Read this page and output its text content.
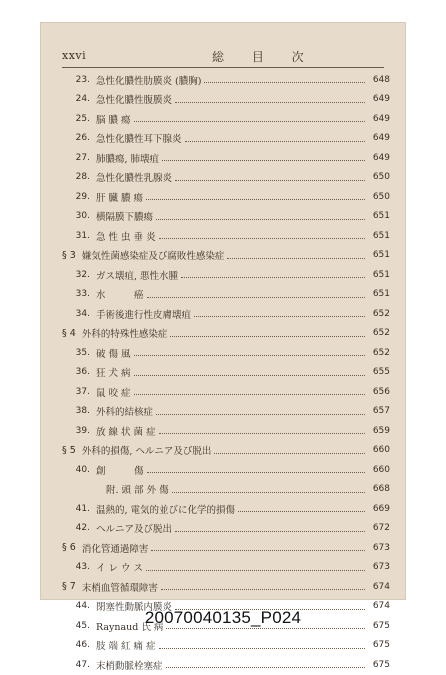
xxvi	総 目 次
23. 急性化膿性肋膜炎 (膿胸)	648
24. 急性化膿性腹膜炎	649
25. 脳 膿 瘍	649
26. 急性化膿性耳下腺炎	649
27. 肺膿瘍, 肺壊疽	649
28. 急性化膿性乳腺炎	650
29. 肝 臓 膿 瘍	650
30. 横隔膜下膿瘍	651
31. 急 性 虫 垂 炎	651
§ 3 嫌気性菌感染症及び腐敗性感染症	651
32. ガス壊疽, 悪性水腫	651
33. 水　　　癌	651
34. 手術後進行性皮膚壊疽	652
§ 4 外科的特殊性感染症	652
35. 破 傷 風	652
36. 狂 犬 病	655
37. 鼠 咬 症	656
38. 外科的結核症	657
39. 放 線 状 菌 症	659
§ 5 外科的損傷, ヘルニア及び脱出	660
40. 創　　　傷	660
附. 頭 部 外 傷	668
41. 温熱的, 電気的並びに化学的損傷	669
42. ヘルニア及び脱出	672
§ 6 消化管通過障害	673
43. イ レ ウ ス	673
§ 7 末梢血管循環障害	674
44. 閉塞性動脈内膜炎	674
45. Raynaud 氏 病	675
46. 肢 端 紅 痛 症	675
47. 末梢動脈栓塞症	675
20070040135_P024
